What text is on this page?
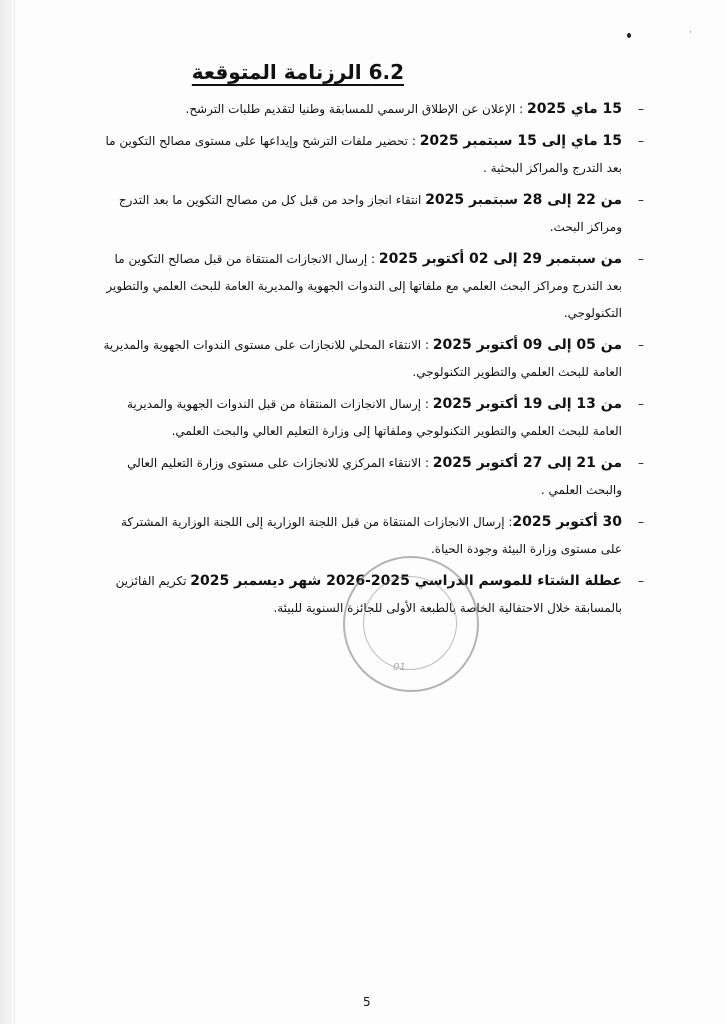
'
6.2 الرزنامة المتوقعة
–
15 ماي 2025 : الإعلان عن الإطلاق الرسمي للمسابقة وطنيا لتقديم طلبات الترشح.
–
15 ماي إلى 15 سبتمبر 2025 : تحضير ملفات الترشح وإيداعها على مستوى مصالح التكوين ما بعد التدرج والمراكز البحثية .
–
من 22 إلى 28 سبتمبر 2025 انتقاء انجاز واحد من قبل كل من مصالح التكوين ما بعد التدرج ومراكز البحث.
–
من سبتمبر 29 إلى 02 أكتوبر 2025 : إرسال الانجازات المنتقاة من قبل مصالح التكوين ما بعد التدرج ومراكز البحث العلمي مع ملفاتها إلى الندوات الجهوية والمديرية العامة للبحث العلمي والتطوير التكنولوجي.
–
من 05 إلى 09 أكتوبر 2025 : الانتقاء المحلي للانجازات على مستوى الندوات الجهوية والمديرية العامة للبحث العلمي والتطوير التكنولوجي.
–
من 13 إلى 19 أكتوبر 2025 : إرسال الانجازات المنتقاة من قبل الندوات الجهوية والمديرية العامة للبحث العلمي والتطوير التكنولوجي وملفاتها إلى وزارة التعليم العالي والبحث العلمي.
–
من 21 إلى 27 أكتوبر 2025 : الانتقاء المركزي للانجازات على مستوى وزارة التعليم العالي والبحث العلمي .
–
30 أكتوبر 2025: إرسال الانجازات المنتقاة من قبل اللجنة الوزارية إلى اللجنة الوزارية المشتركة على مستوى وزارة البيئة وجودة الحياة.
–
عطلة الشتاء للموسم الدراسي 2025-2026 شهر ديسمبر 2025 تكريم الفائزين بالمسابقة خلال الاحتفالية الخاصة بالطبعة الأولى للجائزة السنوية للبيئة.
01
5
